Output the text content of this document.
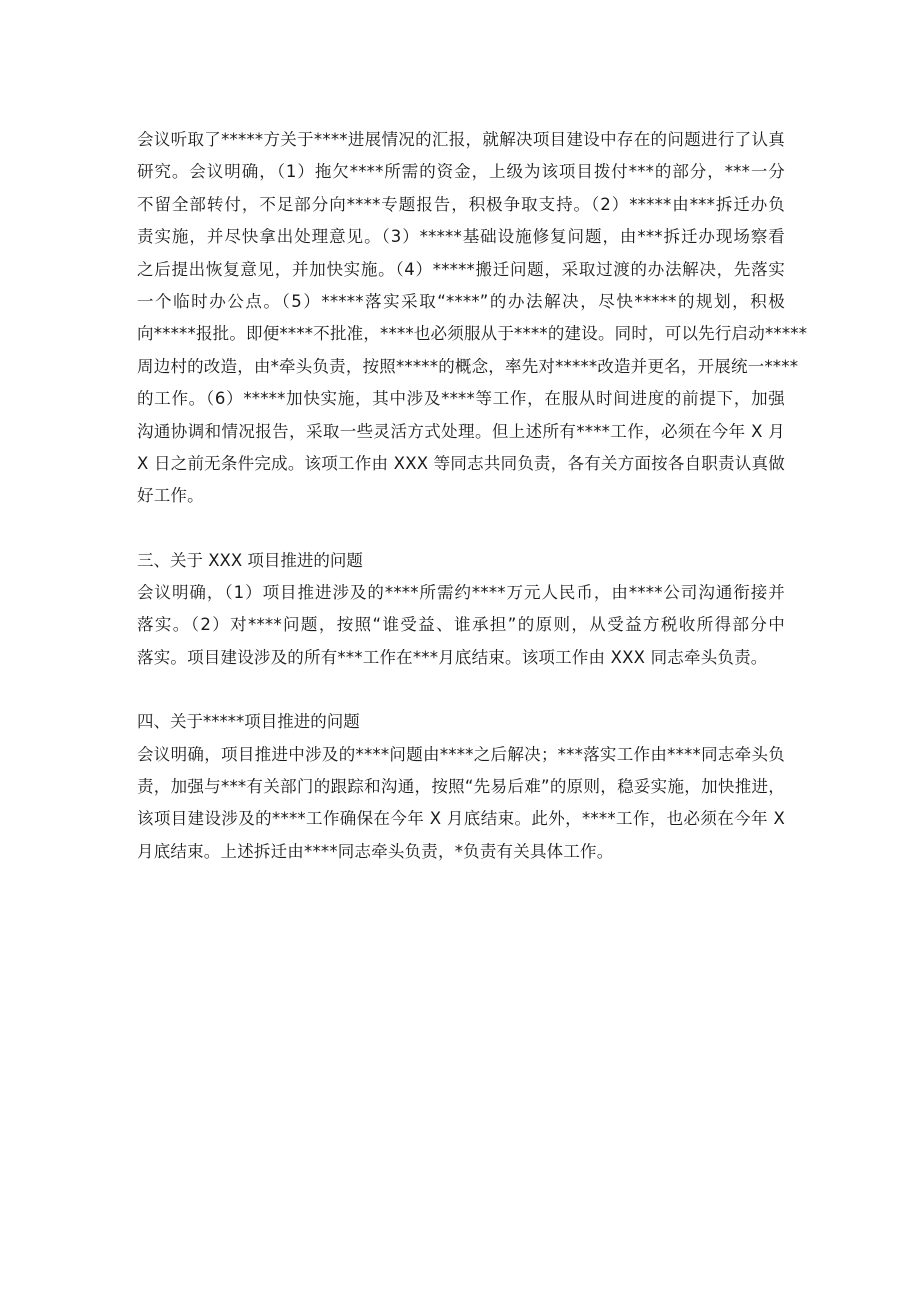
会议听取了*****方关于****进展情况的汇报，就解决项目建设中存在的问题进行了认真
研究。会议明确，（1）拖欠****所需的资金，上级为该项目拨付***的部分，***一分
不留全部转付，不足部分向****专题报告，积极争取支持。（2）*****由***拆迁办负
责实施，并尽快拿出处理意见。（3）*****基础设施修复问题，由***拆迁办现场察看
之后提出恢复意见，并加快实施。（4）*****搬迁问题，采取过渡的办法解决，先落实
一个临时办公点。（5）*****落实采取“****”的办法解决，尽快*****的规划，积极
向*****报批。即便****不批准，****也必须服从于****的建设。同时，可以先行启动*****
周边村的改造，由*牵头负责，按照*****的概念，率先对*****改造并更名，开展统一****
的工作。（6）*****加快实施，其中涉及****等工作，在服从时间进度的前提下，加强
沟通协调和情况报告，采取一些灵活方式处理。但上述所有****工作，必须在今年 X 月
X 日之前无条件完成。该项工作由 XXX 等同志共同负责，各有关方面按各自职责认真做
好工作。
三、关于 XXX 项目推进的问题
会议明确，（1）项目推进涉及的****所需约****万元人民币，由****公司沟通衔接并
落实。（2）对****问题，按照“谁受益、谁承担”的原则，从受益方税收所得部分中
落实。项目建设涉及的所有***工作在***月底结束。该项工作由 XXX 同志牵头负责。
四、关于*****项目推进的问题
会议明确，项目推进中涉及的****问题由****之后解决；***落实工作由****同志牵头负
责，加强与***有关部门的跟踪和沟通，按照“先易后难”的原则，稳妥实施，加快推进，
该项目建设涉及的****工作确保在今年 X 月底结束。此外，****工作，也必须在今年 X
月底结束。上述拆迁由****同志牵头负责，*负责有关具体工作。
